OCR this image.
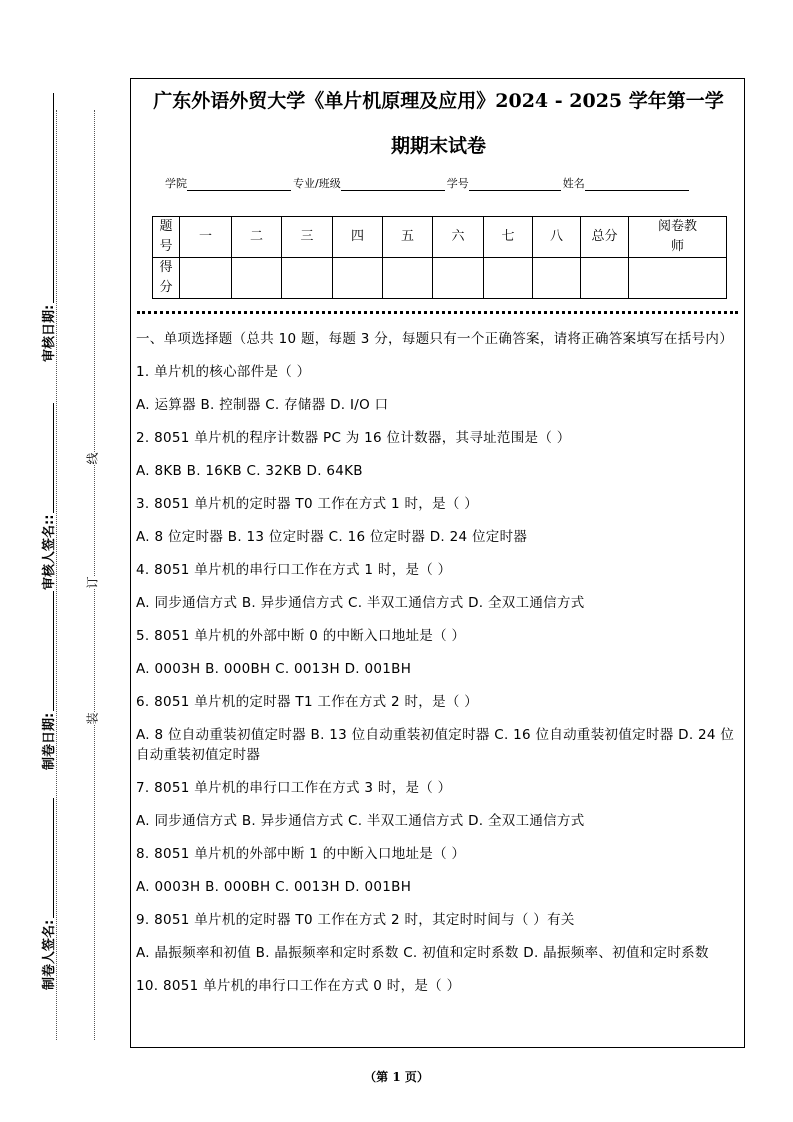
审核日期:
审核人签名::
制卷日期:
制卷人签名:
线
订
装
广东外语外贸大学《单片机原理及应用》2024 - 2025 学年第一学
期期末试卷
学院	专业/班级	学号	姓名
题号	一	二	三	四	五	六	七	八	总分	阅卷教师
得分										

一、单项选择题（总共 10 题，每题 3 分，每题只有一个正确答案，请将正确答案填写在括号内）

1. 单片机的核心部件是（ ）

A. 运算器 B. 控制器 C. 存储器 D. I/O 口

2. 8051 单片机的程序计数器 PC 为 16 位计数器，其寻址范围是（ ）

A. 8KB B. 16KB C. 32KB D. 64KB

3. 8051 单片机的定时器 T0 工作在方式 1 时，是（ ）

A. 8 位定时器 B. 13 位定时器 C. 16 位定时器 D. 24 位定时器

4. 8051 单片机的串行口工作在方式 1 时，是（ ）

A. 同步通信方式 B. 异步通信方式 C. 半双工通信方式 D. 全双工通信方式

5. 8051 单片机的外部中断 0 的中断入口地址是（ ）

A. 0003H B. 000BH C. 0013H D. 001BH

6. 8051 单片机的定时器 T1 工作在方式 2 时，是（ ）

A. 8 位自动重装初值定时器 B. 13 位自动重装初值定时器 C. 16 位自动重装初值定时器 D. 24 位自动重装初值定时器

7. 8051 单片机的串行口工作在方式 3 时，是（ ）

A. 同步通信方式 B. 异步通信方式 C. 半双工通信方式 D. 全双工通信方式

8. 8051 单片机的外部中断 1 的中断入口地址是（ ）

A. 0003H B. 000BH C. 0013H D. 001BH

9. 8051 单片机的定时器 T0 工作在方式 2 时，其定时时间与（ ）有关

A. 晶振频率和初值 B. 晶振频率和定时系数 C. 初值和定时系数 D. 晶振频率、初值和定时系数

10. 8051 单片机的串行口工作在方式 0 时，是（ ）

（第 1 页）
